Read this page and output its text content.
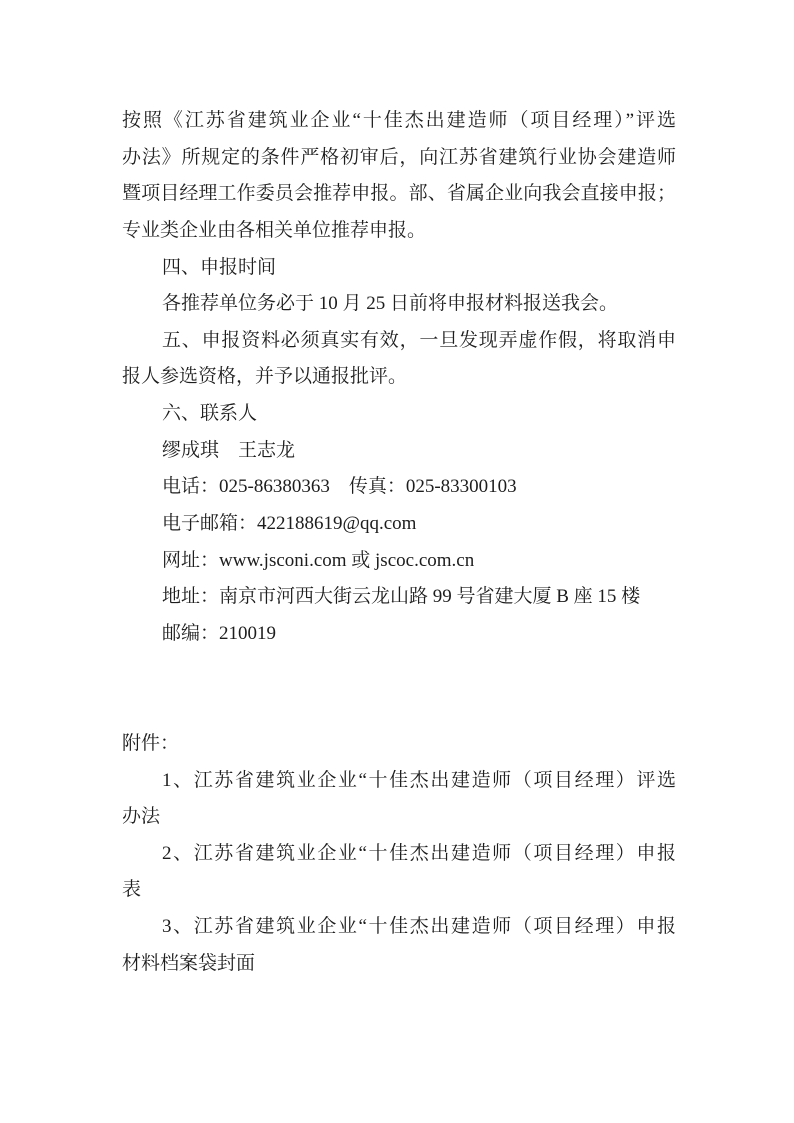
按照《江苏省建筑业企业“十佳杰出建造师（项目经理）”评选
办法》所规定的条件严格初审后，向江苏省建筑行业协会建造师
暨项目经理工作委员会推荐申报。部、省属企业向我会直接申报；
专业类企业由各相关单位推荐申报。
四、申报时间
各推荐单位务必于 10 月 25 日前将申报材料报送我会。
五、申报资料必须真实有效，一旦发现弄虚作假，将取消申
报人参选资格，并予以通报批评。
六、联系人
缪成琪　王志龙
电话：025-86380363　传真：025-83300103
电子邮箱：422188619@qq.com
网址：www.jsconi.com 或 jscoc.com.cn
地址：南京市河西大街云龙山路 99 号省建大厦 B 座 15 楼
邮编：210019
附件：
1、江苏省建筑业企业“十佳杰出建造师（项目经理）评选
办法
2、江苏省建筑业企业“十佳杰出建造师（项目经理）申报
表
3、江苏省建筑业企业“十佳杰出建造师（项目经理）申报
材料档案袋封面
